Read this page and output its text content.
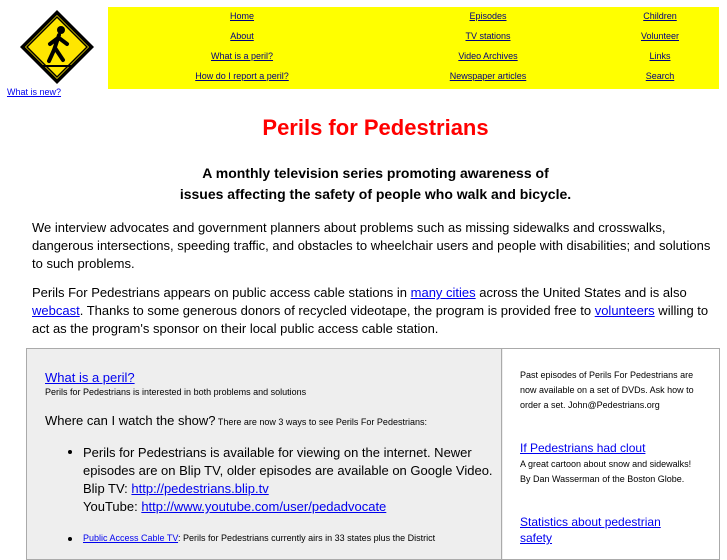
What is new?
Home	Episodes	Children
About	TV stations	Volunteer
What is a peril?	Video Archives	Links
How do I report a peril?	Newspaper articles	Search
Perils for Pedestrians
A monthly television series promoting awareness of
issues affecting the safety of people who walk and bicycle.
We interview advocates and government planners about problems such as missing sidewalks and crosswalks, dangerous intersections, speeding traffic, and obstacles to wheelchair users and people with disabilities; and solutions to such problems.
Perils For Pedestrians appears on public access cable stations in many cities across the United States and is also webcast. Thanks to some generous donors of recycled videotape, the program is provided free to volunteers willing to act as the program's sponsor on their local public access cable station.
What is a peril?
Perils for Pedestrians is interested in both problems and solutions
Where can I watch the show? There are now 3 ways to see Perils For Pedestrians:
Perils for Pedestrians is available for viewing on the internet. Newer episodes are on Blip TV, older episodes are available on Google Video.
Blip TV: http://pedestrians.blip.tv
YouTube: http://www.youtube.com/user/pedadvocate
Public Access Cable TV: Perils for Pedestrians currently airs in 33 states plus the District
Past episodes of Perils For Pedestrians are now available on a set of DVDs. Ask how to order a set. John@Pedestrians.org
If Pedestrians had clout
A great cartoon about snow and sidewalks! By Dan Wasserman of the Boston Globe.
Statistics about pedestrian safety
